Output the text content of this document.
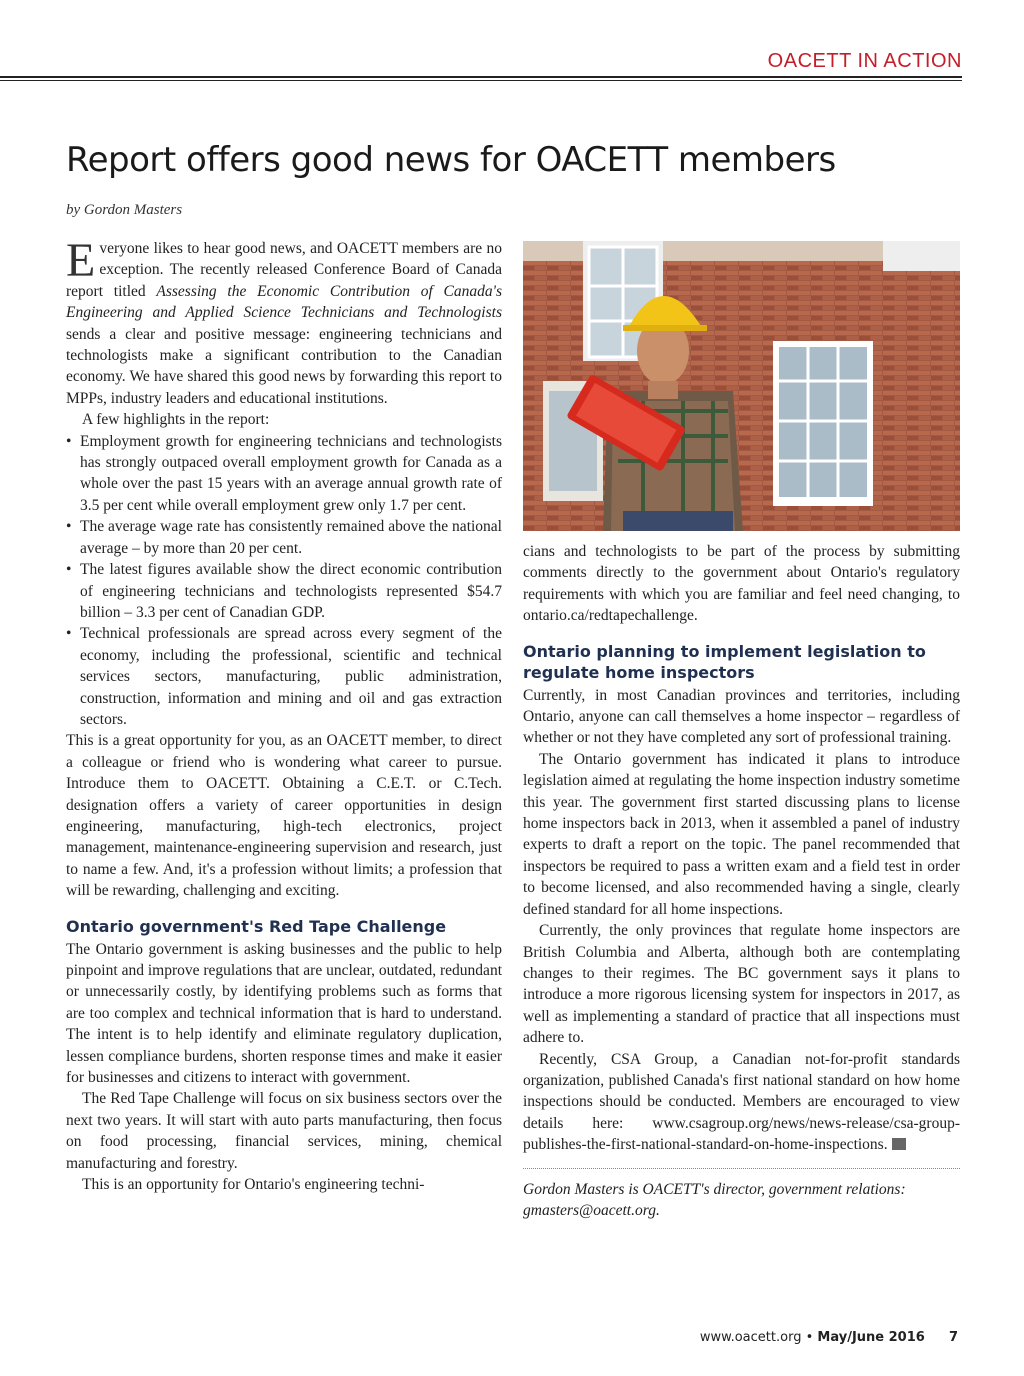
OACETT IN ACTION
Report offers good news for OACETT members
by Gordon Masters

Everyone likes to hear good news, and OACETT members are no exception. The recently released Conference Board of Canada report titled Assessing the Economic Contribution of Canada's Engineering and Applied Science Technicians and Technologists sends a clear and positive message: engineering technicians and technologists make a significant contribution to the Canadian economy. We have shared this good news by forwarding this report to MPPs, industry leaders and educational institutions.

A few highlights in the report:

• Employment growth for engineering technicians and technologists has strongly outpaced overall employment growth for Canada as a whole over the past 15 years with an average annual growth rate of 3.5 per cent while overall employment grew only 1.7 per cent.
• The average wage rate has consistently remained above the national average – by more than 20 per cent.
• The latest figures available show the direct economic contribution of engineering technicians and technologists represented $54.7 billion – 3.3 per cent of Canadian GDP.
• Technical professionals are spread across every segment of the economy, including the professional, scientific and technical services sectors, manufacturing, public administration, construction, information and mining and oil and gas extraction sectors.

This is a great opportunity for you, as an OACETT member, to direct a colleague or friend who is wondering what career to pursue. Introduce them to OACETT. Obtaining a C.E.T. or C.Tech. designation offers a variety of career opportunities in design engineering, manufacturing, high-tech electronics, project management, maintenance-engineering supervision and research, just to name a few. And, it's a profession without limits; a profession that will be rewarding, challenging and exciting.

Ontario government's Red Tape Challenge

The Ontario government is asking businesses and the public to help pinpoint and improve regulations that are unclear, outdated, redundant or unnecessarily costly, by identifying problems such as forms that are too complex and technical information that is hard to understand. The intent is to help identify and eliminate regulatory duplication, lessen compliance burdens, shorten response times and make it easier for businesses and citizens to interact with government.

The Red Tape Challenge will focus on six business sectors over the next two years. It will start with auto parts manufacturing, then focus on food processing, financial services, mining, chemical manufacturing and forestry.

This is an opportunity for Ontario's engineering techni-

cians and technologists to be part of the process by submitting comments directly to the government about Ontario's regulatory requirements with which you are familiar and feel need changing, to ontario.ca/redtapechallenge.

Ontario planning to implement legislation to regulate home inspectors

Currently, in most Canadian provinces and territories, including Ontario, anyone can call themselves a home inspector – regardless of whether or not they have completed any sort of professional training.

The Ontario government has indicated it plans to introduce legislation aimed at regulating the home inspection industry sometime this year. The government first started discussing plans to license home inspectors back in 2013, when it assembled a panel of industry experts to draft a report on the topic. The panel recommended that inspectors be required to pass a written exam and a field test in order to become licensed, and also recommended having a single, clearly defined standard for all home inspections.

Currently, the only provinces that regulate home inspectors are British Columbia and Alberta, although both are contemplating changes to their regimes. The BC government says it plans to introduce a more rigorous licensing system for inspectors in 2017, as well as implementing a standard of practice that all inspections must adhere to.

Recently, CSA Group, a Canadian not-for-profit standards organization, published Canada's first national standard on how home inspections should be conducted. Members are encouraged to view details here: www.csagroup.org/news/news-release/csa-group-publishes-the-first-national-standard-on-home-inspections.

Gordon Masters is OACETT's director, government relations: gmasters@oacett.org.

www.oacett.org • May/June 2016 7
